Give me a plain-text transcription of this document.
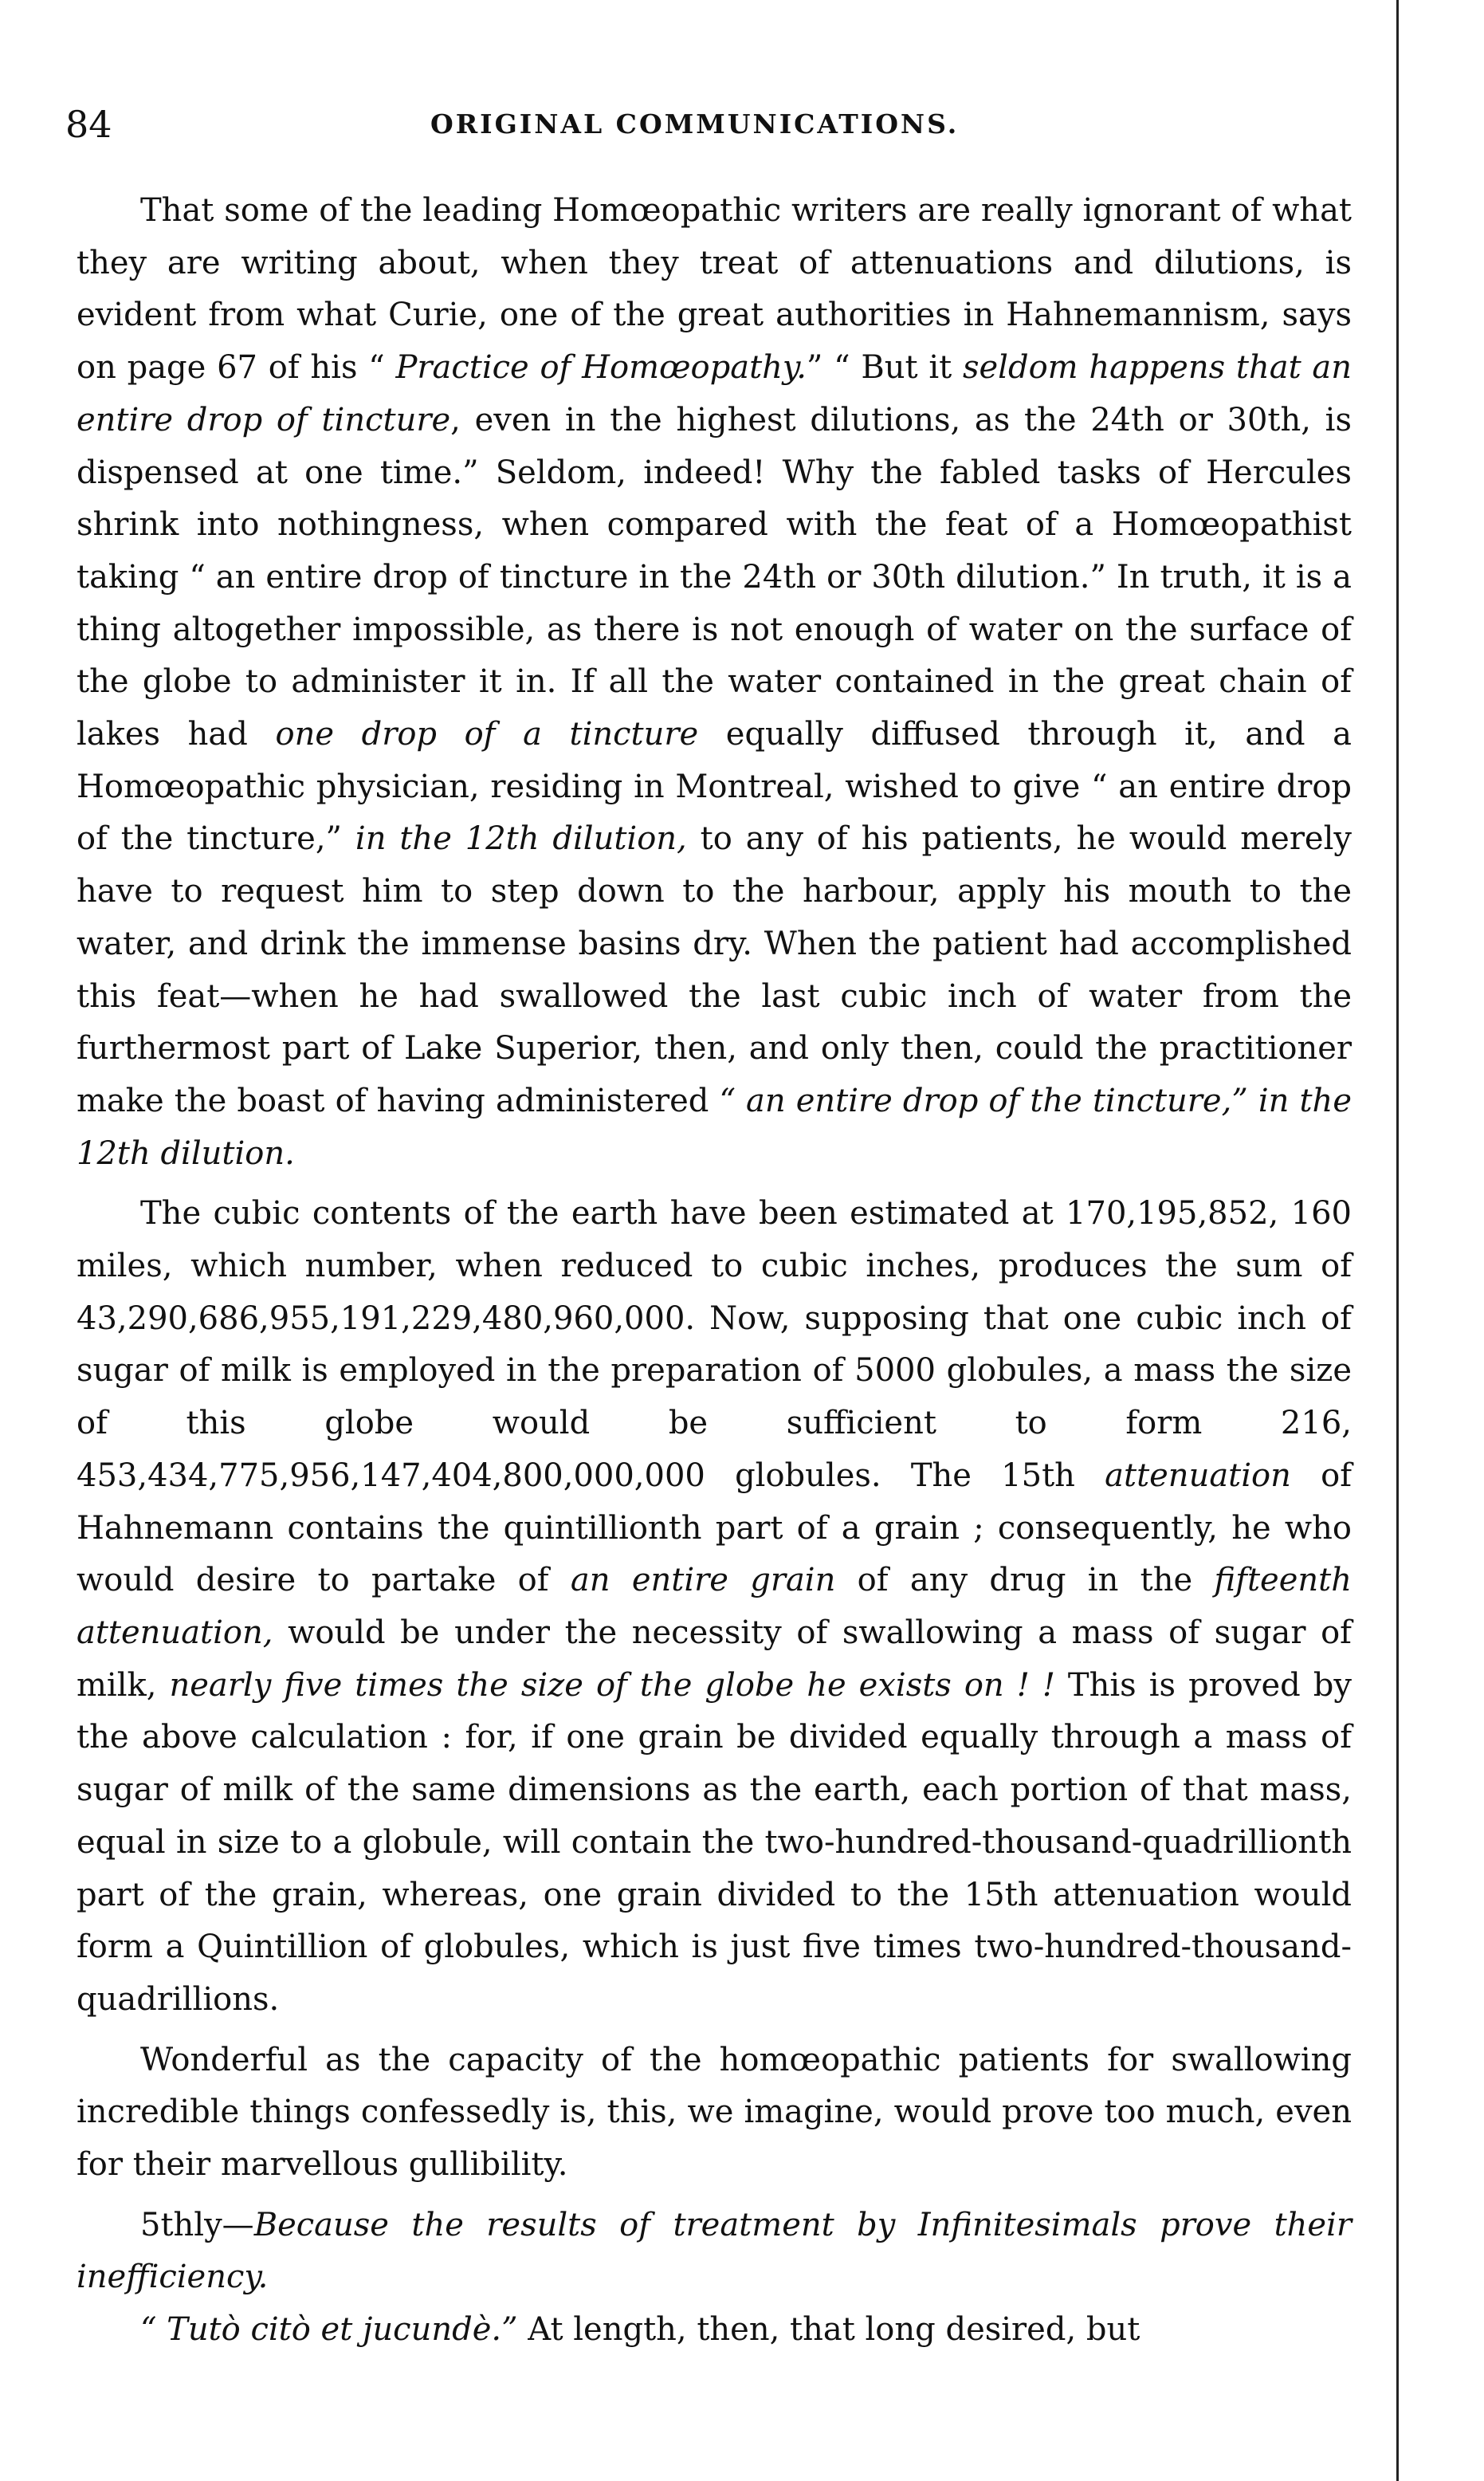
84	ORIGINAL COMMUNICATIONS.

That some of the leading Homœopathic writers are really ignorant of what they are writing about, when they treat of attenuations and dilutions, is evident from what Curie, one of the great authorities in Hahnemannism, says on page 67 of his “ Practice of Homœopathy.” “ But it seldom happens that an entire drop of tincture, even in the highest dilutions, as the 24th or 30th, is dispensed at one time.” Seldom, indeed! Why the fabled tasks of Hercules shrink into nothingness, when compared with the feat of a Homœopathist taking “ an entire drop of tincture in the 24th or 30th dilution.” In truth, it is a thing altogether impossible, as there is not enough of water on the surface of the globe to administer it in. If all the water contained in the great chain of lakes had one drop of a tincture equally diffused through it, and a Homœopathic physician, residing in Montreal, wished to give “ an entire drop of the tincture,” in the 12th dilution, to any of his patients, he would merely have to request him to step down to the harbour, apply his mouth to the water, and drink the immense basins dry. When the patient had accomplished this feat—when he had swallowed the last cubic inch of water from the furthermost part of Lake Superior, then, and only then, could the practitioner make the boast of having administered “ an entire drop of the tincture,” in the 12th dilution.

The cubic contents of the earth have been estimated at 170,195,852, 160 miles, which number, when reduced to cubic inches, produces the sum of 43,290,686,955,191,229,480,960,000. Now, supposing that one cubic inch of sugar of milk is employed in the preparation of 5000 globules, a mass the size of this globe would be sufficient to form 216, 453,434,775,956,147,404,800,000,000 globules. The 15th attenuation of Hahnemann contains the quintillionth part of a grain ; consequently, he who would desire to partake of an entire grain of any drug in the fifteenth attenuation, would be under the necessity of swallowing a mass of sugar of milk, nearly five times the size of the globe he exists on ! ! This is proved by the above calculation : for, if one grain be divided equally through a mass of sugar of milk of the same dimensions as the earth, each portion of that mass, equal in size to a globule, will contain the two-hundred-thousand-quadrillionth part of the grain, whereas, one grain divided to the 15th attenuation would form a Quintillion of globules, which is just five times two-hundred-thousand-quadrillions.

Wonderful as the capacity of the homœopathic patients for swallowing incredible things confessedly is, this, we imagine, would prove too much, even for their marvellous gullibility.

5thly—Because the results of treatment by Infinitesimals prove their inefficiency.

“ Tutò citò et jucundè.” At length, then, that long desired, but
